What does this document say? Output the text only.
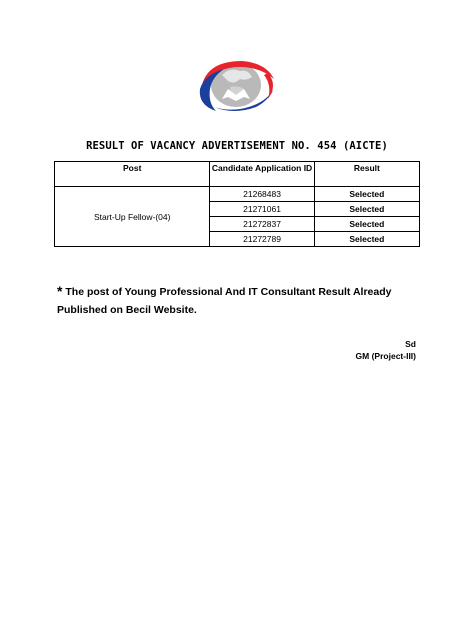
RESULT OF VACANCY ADVERTISEMENT NO. 454 (AICTE)
Post	Candidate Application ID	Result
Start-Up Fellow-(04)	21268483	Selected
	21271061	Selected
	21272837	Selected
	21272789	Selected
* The post of Young Professional And IT Consultant Result Already Published on Becil Website.
Sd
GM (Project-III)
